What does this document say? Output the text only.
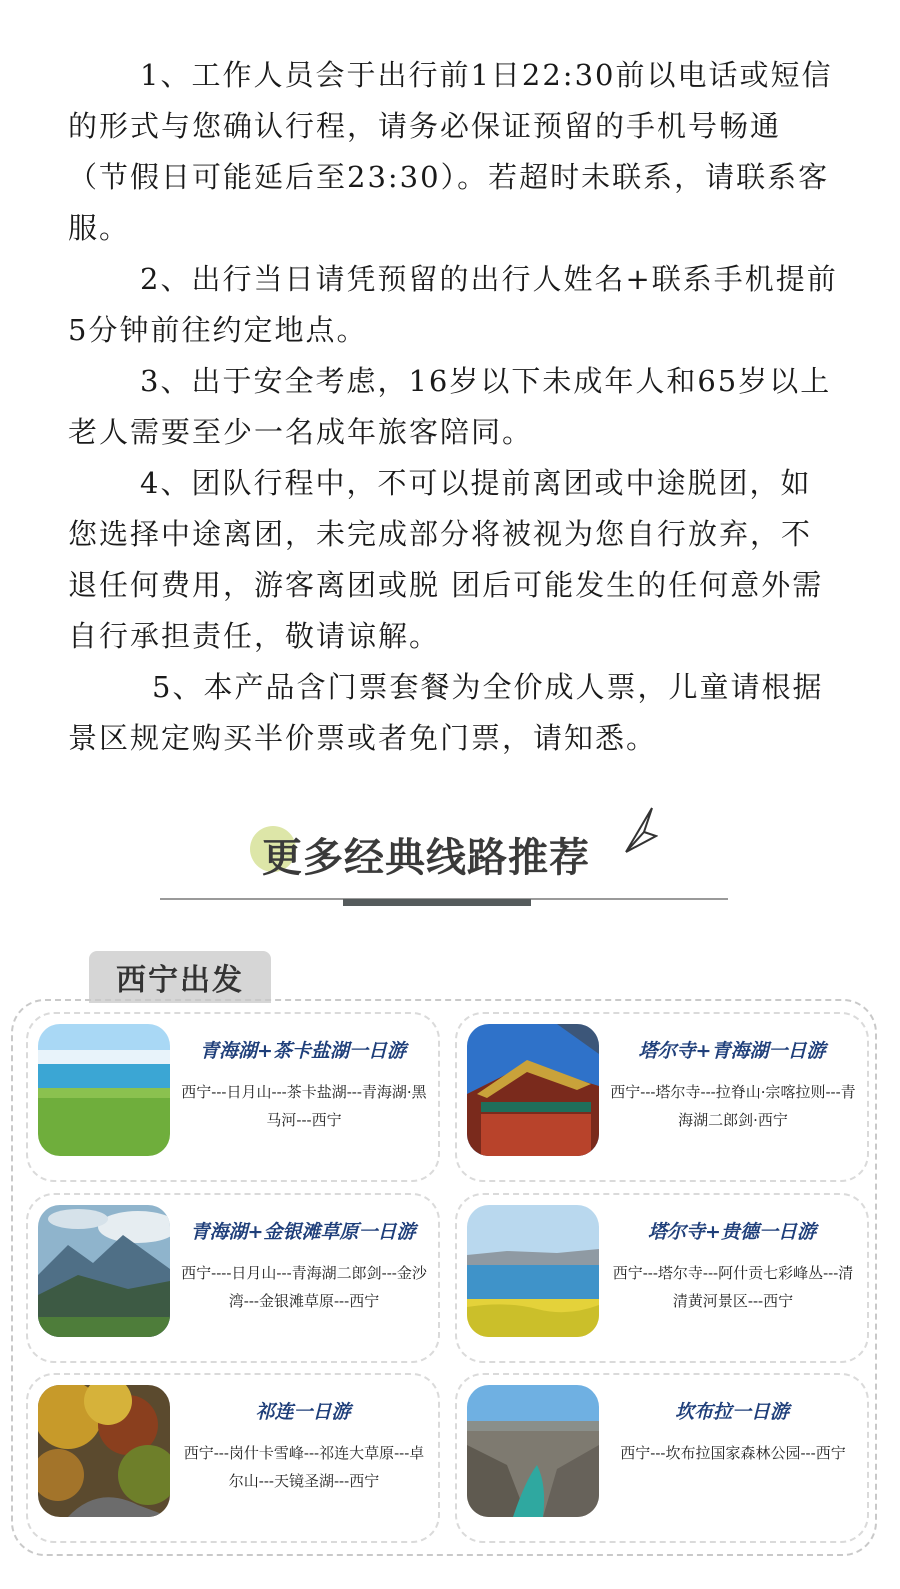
1、工作人员会于出行前1日22:30前以电话或短信的形式与您确认行程，请务必保证预留的手机号畅通（节假日可能延后至23:30）。若超时未联系，请联系客服。

2、出行当日请凭预留的出行人姓名+联系手机提前5分钟前往约定地点。

3、出于安全考虑，16岁以下未成年人和65岁以上老人需要至少一名成年旅客陪同。

4、团队行程中，不可以提前离团或中途脱团，如您选择中途离团，未完成部分将被视为您自行放弃，不退任何费用，游客离团或脱 团后可能发生的任何意外需自行承担责任，敬请谅解。

5、本产品含门票套餐为全价成人票，儿童请根据景区规定购买半价票或者免门票，请知悉。

更多经典线路推荐
西宁出发
青海湖+茶卡盐湖一日游
西宁---日月山---茶卡盐湖---青海湖·黑马河---西宁
塔尔寺+青海湖一日游
西宁---塔尔寺---拉脊山·宗喀拉则---青海湖二郎剑·西宁
青海湖+金银滩草原一日游
西宁----日月山---青海湖二郎剑---金沙湾---金银滩草原---西宁
塔尔寺+贵德一日游
西宁---塔尔寺---阿什贡七彩峰丛---清清黄河景区---西宁
祁连一日游
西宁---岗什卡雪峰---祁连大草原---卓尔山---天镜圣湖---西宁
坎布拉一日游
西宁---坎布拉国家森林公园---西宁
